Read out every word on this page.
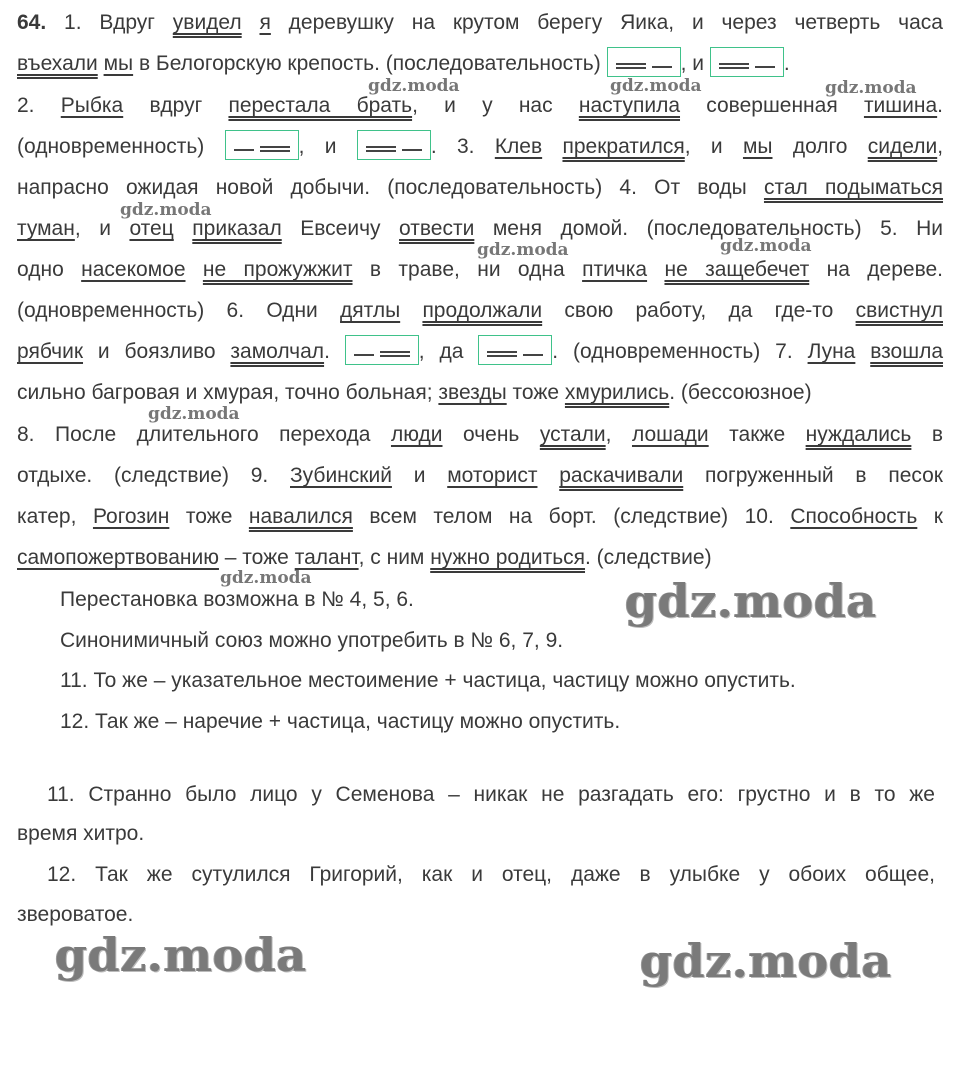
64. 1. Вдруг увидел я деревушку на крутом берегу Яика, и через четверть часа
въехали мы в Белогорскую крепость. (последовательность)	, и	.
2. Рыбка вдруг перестала брать, и у нас наступила совершенная тишина.
(одновременность)	, и	. 3. Клев прекратился, и мы долго сидели,
напрасно ожидая новой добычи. (последовательность) 4. От воды стал подыматься
туман, и отец приказал Евсеичу отвести меня домой. (последовательность) 5. Ни
одно насекомое не прожужжит в траве, ни одна птичка не защебечет на дереве.
(одновременность) 6. Одни дятлы продолжали свою работу, да где-то свистнул
рябчик и боязливо замолчал.	, да	. (одновременность) 7. Луна взошла
сильно багровая и хмурая, точно больная; звезды тоже хмурились. (бессоюзное)
8. После длительного перехода люди очень устали, лошади также нуждались в
отдыхе. (следствие) 9. Зубинский и моторист раскачивали погруженный в песок
катер, Рогозин тоже навалился всем телом на борт. (следствие) 10. Способность к
самопожертвованию – тоже талант, с ним нужно родиться. (следствие)
Перестановка возможна в № 4, 5, 6.
Синонимичный союз можно употребить в № 6, 7, 9.
11. То же – указательное местоимение + частица, частицу можно опустить.
12. Так же – наречие + частица, частицу можно опустить.
11. Странно было лицо у Семенова – никак не разгадать его: грустно и в то же
время хитро.
12. Так же сутулился Григорий, как и отец, даже в улыбке у обоих общее,
звероватое.
gdz.moda	gdz.moda	gdz.moda
gdz.moda
gdz.moda	gdz.moda
gdz.moda
gdz.moda	gdz.moda
gdz.moda	gdz.moda
